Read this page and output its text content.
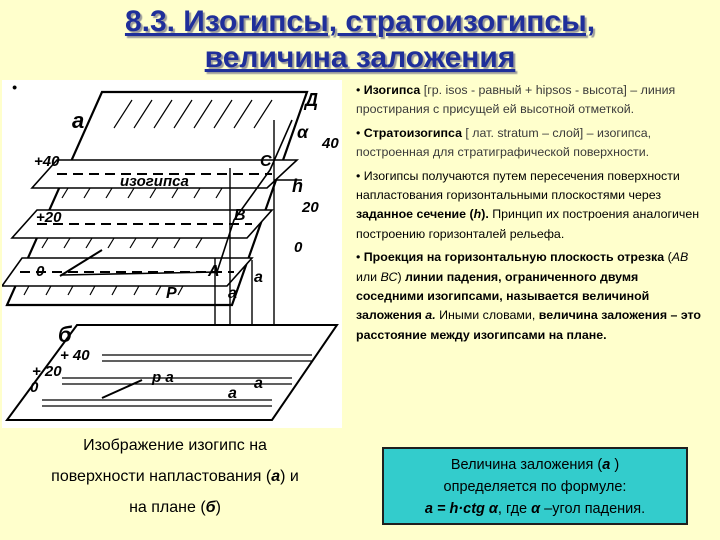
8.3. Изогипсы, стратоизогипсы,
величина заложения
а
•
Д
α
40
С
h
20
В
0
А
+40
изогипса
+20
0
Р	а
а
б
+ 40
+ 20
0
р а
а
а
Изображение изогипс на
поверхности напластования (а) и
на плане (б)

• Изогипса [гр. isos - равный + hipsos - высота] – линия простирания с присущей ей высотной отметкой.

• Стратоизогипса [ лат. stratum – слой] – изогипса, построенная для стратиграфической поверхности.

• Изогипсы получаются путем пересечения поверхности напластования горизонтальными плоскостями через заданное сечение (h). Принцип их построения аналогичен построению горизонталей рельефа.

• Проекция на горизонтальную плоскость отрезка (АВ или ВС) линии падения, ограниченного двумя соседними изогипсами, называется величиной заложения a. Иными словами, величина заложения – это расстояние между изогипсами на плане.

Величина заложения (a )
определяется по формуле:
a = h·ctg α, где α –угол падения.
